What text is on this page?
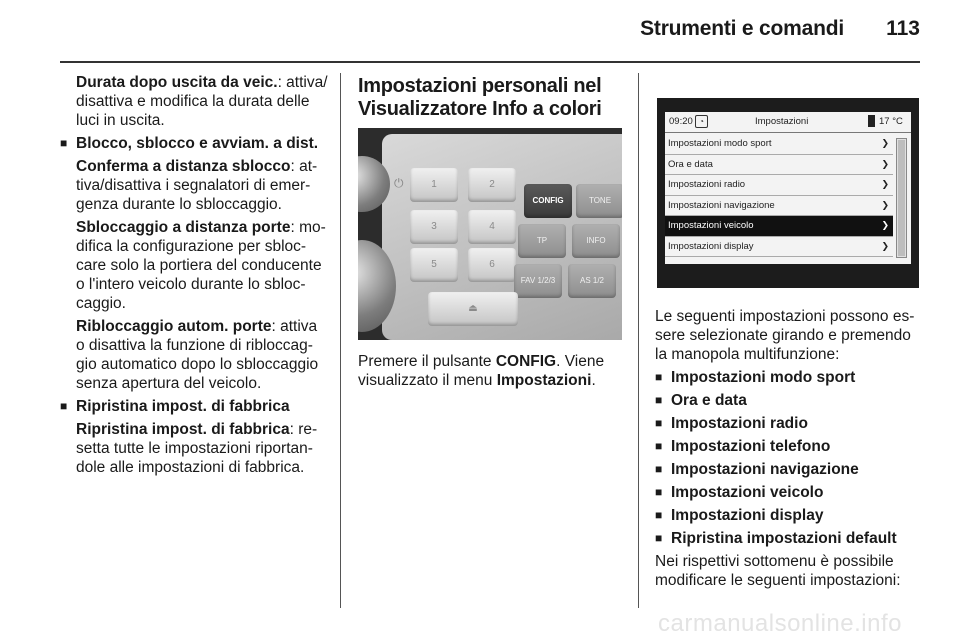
Strumenti e comandi 113

Durata dopo uscita da veic.: attiva/ disattiva e modifica la durata delle luci in uscita.

■ Blocco, sblocco e avviam. a dist.

Conferma a distanza sblocco: at- tiva/disattiva i segnalatori di emer- genza durante lo sbloccaggio.

Sbloccaggio a distanza porte: mo- difica la configurazione per sbloc- care solo la portiera del conducente o l'intero veicolo durante lo sbloc- caggio.

Ribloccaggio autom. porte: attiva o disattiva la funzione di ribloccag- gio automatico dopo lo sbloccaggio senza apertura del veicolo.

■ Ripristina impost. di fabbrica

Ripristina impost. di fabbrica: re- setta tutte le impostazioni riportan- dole alle impostazioni di fabbrica.

Impostazioni personali nel Visualizzatore Info a colori
⏻	1	2
CONFIG	TONE
3	4
TP	INFO
5	6
FAV 1/2/3	AS 1/2
⏏

Premere il pulsante CONFIG. Viene visualizzato il menu Impostazioni.

09:20 ◔	Impostazioni	17 °C
Impostazioni modo sport	❯
Ora e data	❯
Impostazioni radio	❯
Impostazioni navigazione	❯
Impostazioni veicolo	❯
Impostazioni display	❯

Le seguenti impostazioni possono es- sere selezionate girando e premendo la manopola multifunzione:

■ Impostazioni modo sport
■ Ora e data
■ Impostazioni radio
■ Impostazioni telefono
■ Impostazioni navigazione
■ Impostazioni veicolo
■ Impostazioni display
■ Ripristina impostazioni default

Nei rispettivi sottomenu è possibile modificare le seguenti impostazioni:

carmanualsonline.info
